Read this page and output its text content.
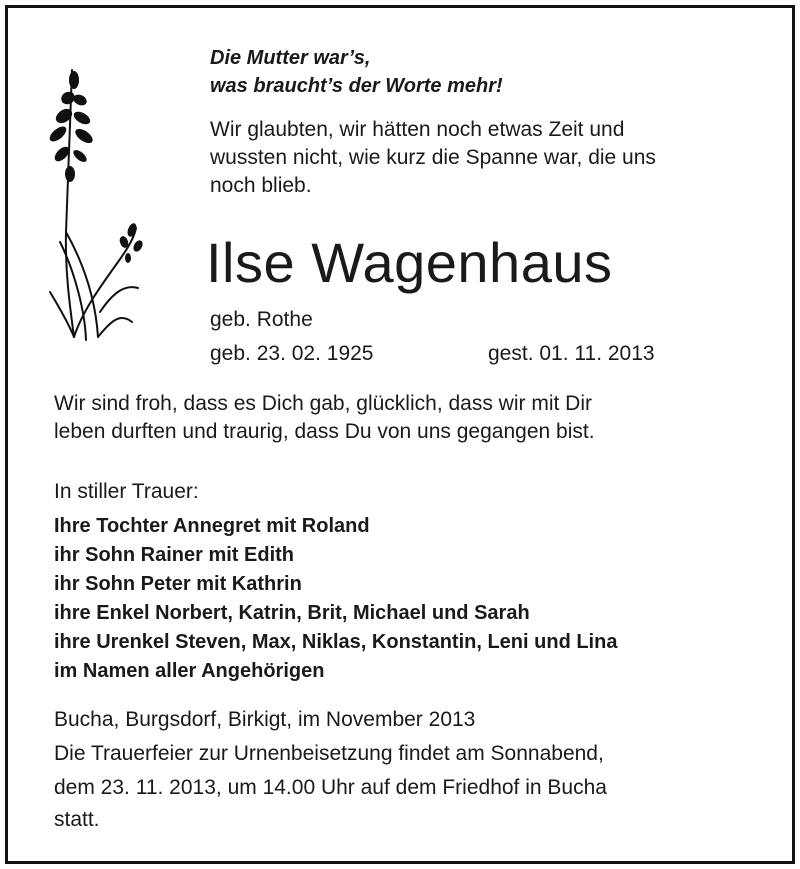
Die Mutter war’s,
was braucht’s der Worte mehr!
Wir glaubten, wir hätten noch etwas Zeit und
wussten nicht, wie kurz die Spanne war, die uns
noch blieb.
Ilse Wagenhaus
geb. Rothe
geb. 23. 02. 1925	gest. 01. 11. 2013
Wir sind froh, dass es Dich gab, glücklich, dass wir mit Dir
leben durften und traurig, dass Du von uns gegangen bist.
In stiller Trauer:
Ihre Tochter Annegret mit Roland
ihr Sohn Rainer mit Edith
ihr Sohn Peter mit Kathrin
ihre Enkel Norbert, Katrin, Brit, Michael und Sarah
ihre Urenkel Steven, Max, Niklas, Konstantin, Leni und Lina
im Namen aller Angehörigen
Bucha, Burgsdorf, Birkigt, im November 2013
Die Trauerfeier zur Urnenbeisetzung findet am Sonnabend,
dem 23. 11. 2013, um 14.00 Uhr auf dem Friedhof in Bucha
statt.
